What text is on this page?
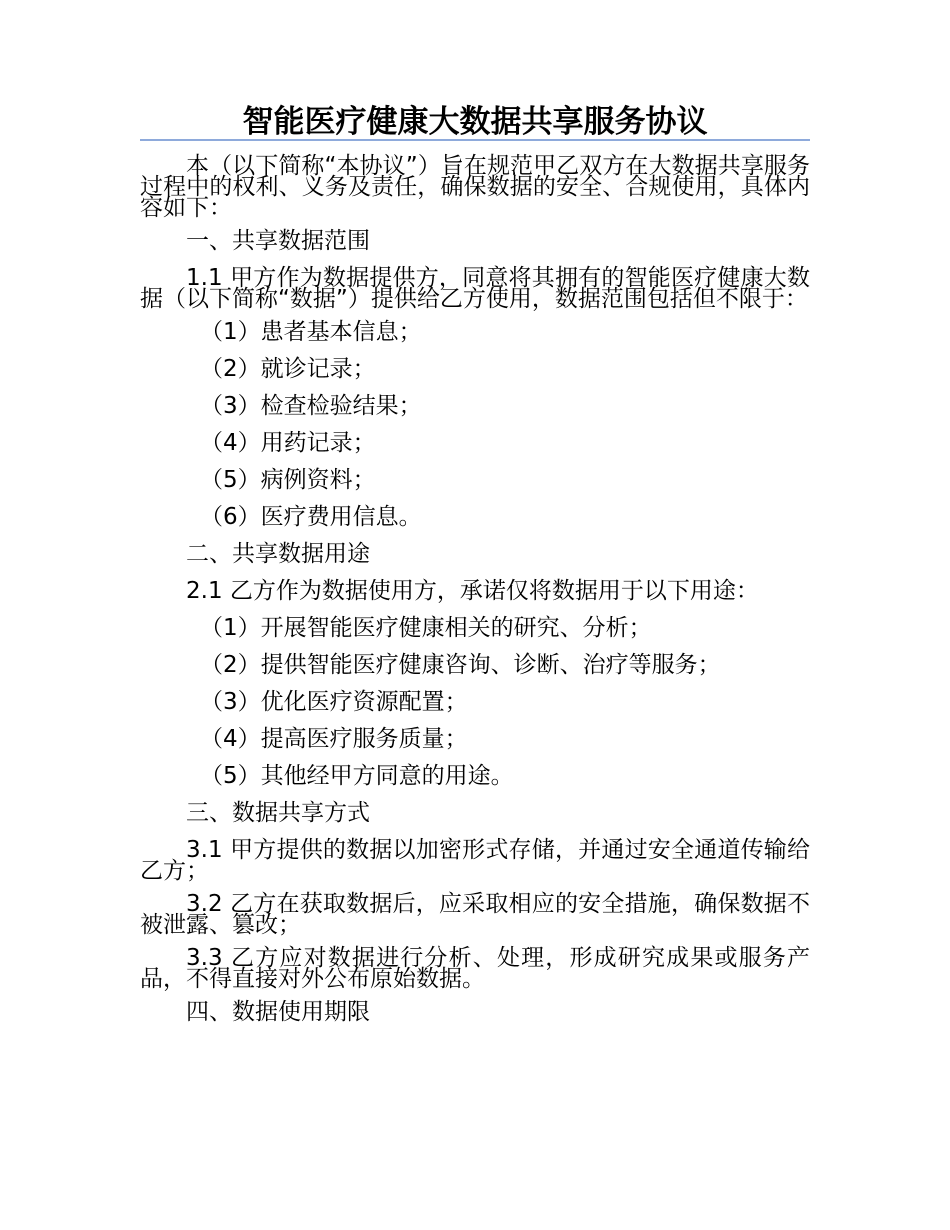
智能医疗健康大数据共享服务协议

本（以下简称“本协议”）旨在规范甲乙双方在大数据共享服务过程中的权利、义务及责任，确保数据的安全、合规使用，具体内容如下：

一、共享数据范围

1.1 甲方作为数据提供方，同意将其拥有的智能医疗健康大数据（以下简称“数据”）提供给乙方使用，数据范围包括但不限于：

（1）患者基本信息；

（2）就诊记录；

（3）检查检验结果；

（4）用药记录；

（5）病例资料；

（6）医疗费用信息。

二、共享数据用途

2.1 乙方作为数据使用方，承诺仅将数据用于以下用途：

（1）开展智能医疗健康相关的研究、分析；

（2）提供智能医疗健康咨询、诊断、治疗等服务；

（3）优化医疗资源配置；

（4）提高医疗服务质量；

（5）其他经甲方同意的用途。

三、数据共享方式

3.1 甲方提供的数据以加密形式存储，并通过安全通道传输给乙方；

3.2 乙方在获取数据后，应采取相应的安全措施，确保数据不被泄露、篡改；

3.3 乙方应对数据进行分析、处理，形成研究成果或服务产品，不得直接对外公布原始数据。

四、数据使用期限
